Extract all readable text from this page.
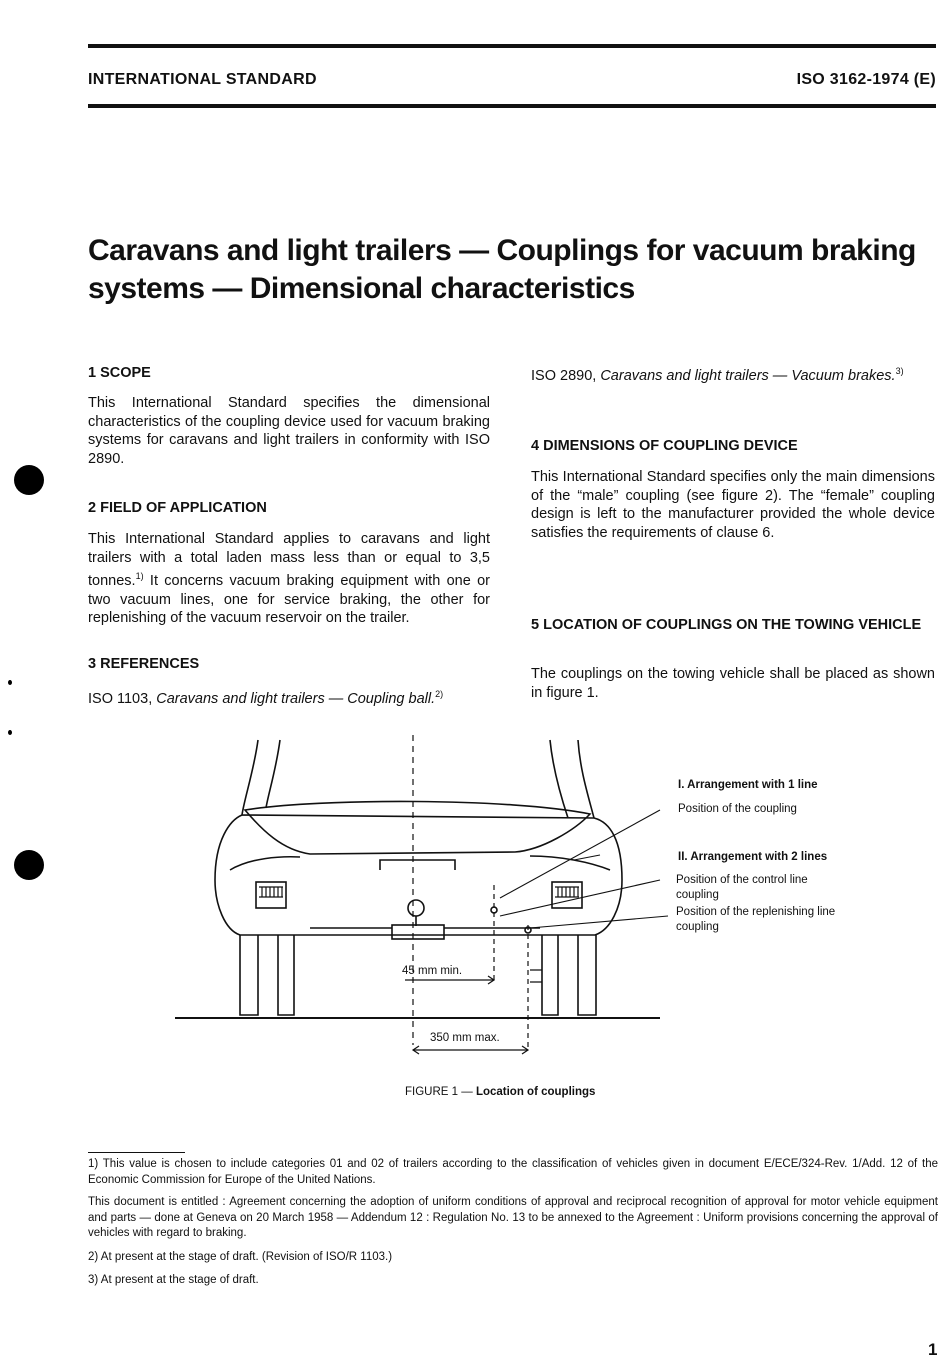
INTERNATIONAL STANDARD	ISO 3162-1974 (E)
Caravans and light trailers — Couplings for vacuum braking systems — Dimensional characteristics
1 SCOPE
This International Standard specifies the dimensional characteristics of the coupling device used for vacuum braking systems for caravans and light trailers in conformity with ISO 2890.
2 FIELD OF APPLICATION
This International Standard applies to caravans and light trailers with a total laden mass less than or equal to 3,5 tonnes.$^{1)}$ It concerns vacuum braking equipment with one or two vacuum lines, one for service braking, the other for replenishing of the vacuum reservoir on the trailer.
3 REFERENCES
ISO 1103, Caravans and light trailers — Coupling ball.$^{2)}$
ISO 2890, Caravans and light trailers — Vacuum brakes.$^{3)}$
4 DIMENSIONS OF COUPLING DEVICE
This International Standard specifies only the main dimensions of the “male” coupling (see figure 2). The “female” coupling design is left to the manufacturer provided the whole device satisfies the requirements of clause 6.
5 LOCATION OF COUPLINGS ON THE TOWING VEHICLE
The couplings on the towing vehicle shall be placed as shown in figure 1.
45 mm min.
350 mm max.
I. Arrangement with 1 line
Position of the coupling
II. Arrangement with 2 lines
Position of the control line coupling
Position of the replenishing line coupling
FIGURE 1 — Location of couplings
1) This value is chosen to include categories 01 and 02 of trailers according to the classification of vehicles given in document E/ECE/324-Rev. 1/Add. 12 of the Economic Commission for Europe of the United Nations.
This document is entitled : Agreement concerning the adoption of uniform conditions of approval and reciprocal recognition of approval for motor vehicle equipment and parts — done at Geneva on 20 March 1958 — Addendum 12 : Regulation No. 13 to be annexed to the Agreement : Uniform provisions concerning the approval of vehicles with regard to braking.
2) At present at the stage of draft. (Revision of ISO/R 1103.)
3) At present at the stage of draft.
1
